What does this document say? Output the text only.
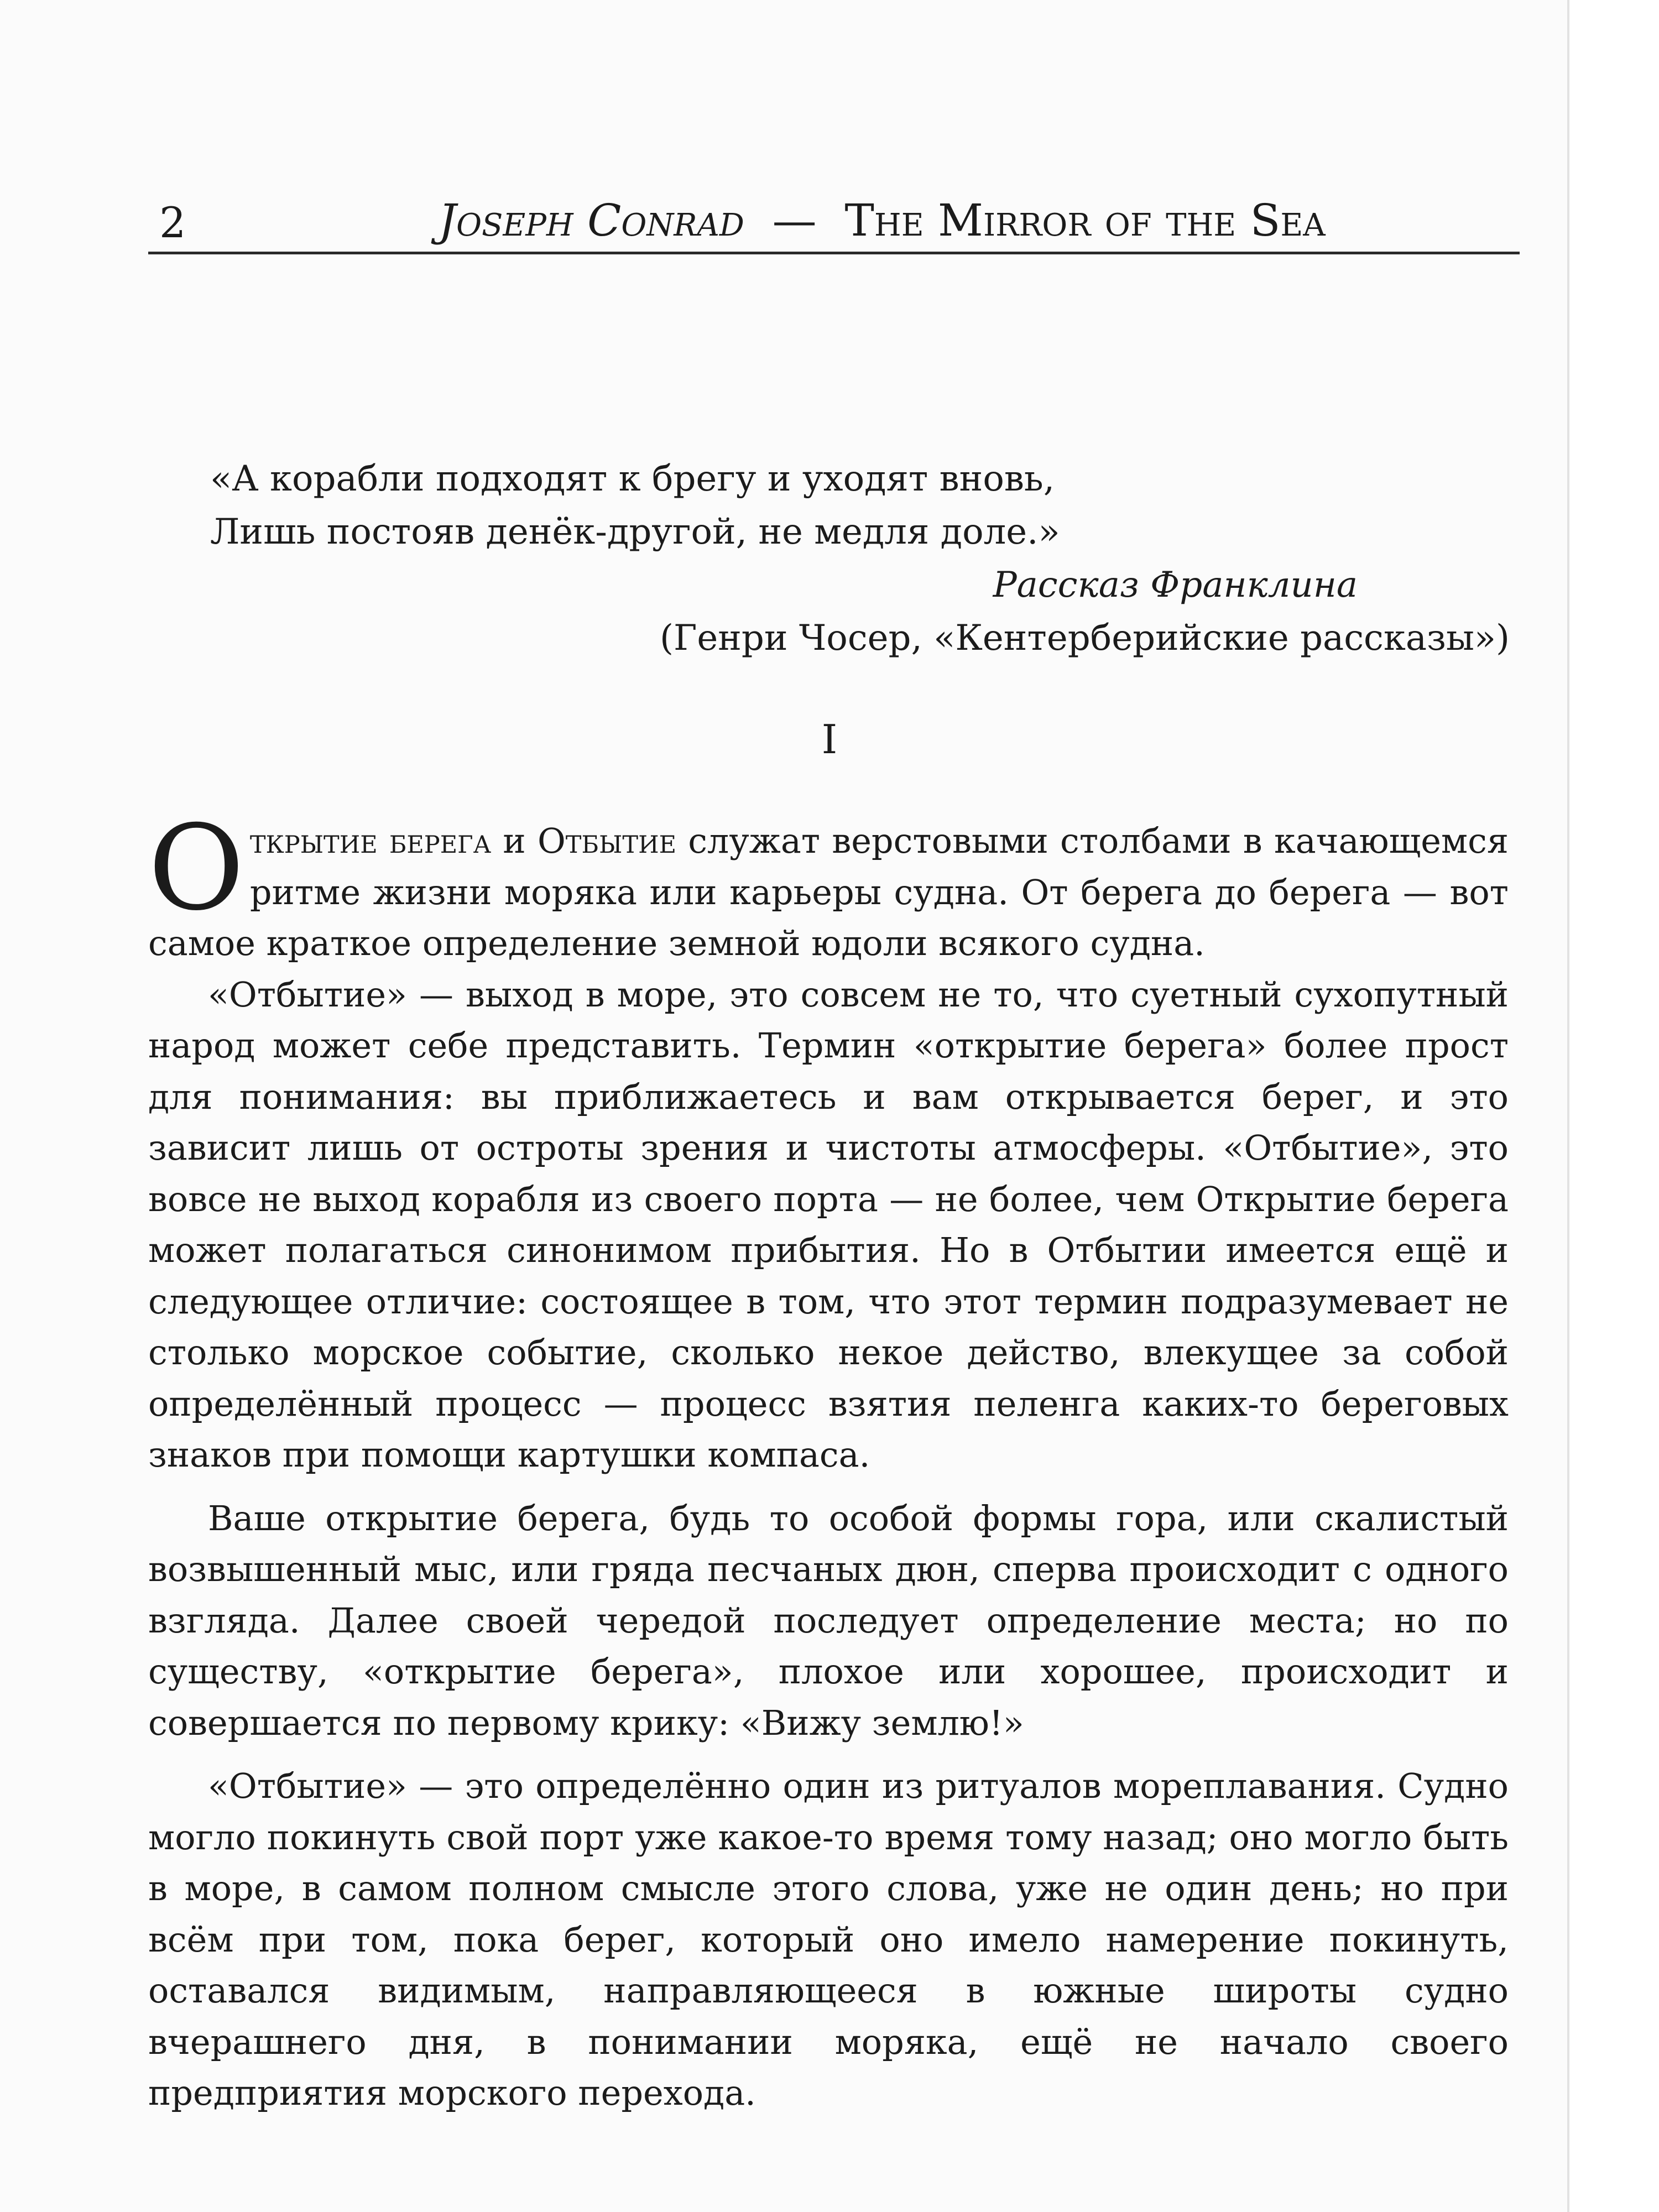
2	Joseph Conrad — The Mirror of the Sea
«А корабли подходят к брегу и уходят вновь,
Лишь постояв денёк-другой, не медля доле.»
Рассказ Франклина
(Генри Чосер, «Кентерберийские рассказы»)
I

Открытие берега и Отбытие служат верстовыми столбами в качающемся ритме жизни моряка или карьеры судна. От берега до берега — вот самое краткое определение земной юдоли всякого судна.

«Отбытие» — выход в море, это совсем не то, что суетный сухопутный народ может себе представить. Термин «открытие берега» более прост для понимания: вы приближаетесь и вам открывается берег, и это зависит лишь от остроты зрения и чистоты атмосферы. «Отбытие», это вовсе не выход корабля из своего порта — не более, чем Открытие берега может полагаться синонимом прибытия. Но в Отбытии имеется ещё и следующее отличие: состоящее в том, что этот термин подразумевает не столько морское событие, сколько некое действо, влекущее за собой определённый процесс — процесс взятия пеленга каких-то береговых знаков при помощи картушки компаса.

Ваше открытие берега, будь то особой формы гора, или скалистый возвышенный мыс, или гряда песчаных дюн, сперва происходит с одного взгляда. Далее своей чередой последует определение места; но по существу, «открытие берега», плохое или хорошее, происходит и совершается по первому крику: «Вижу землю!»

«Отбытие» — это определённо один из ритуалов мореплавания. Судно могло покинуть свой порт уже какое-то время тому назад; оно могло быть в море, в самом полном смысле этого слова, уже не один день; но при всём при том, пока берег, который оно имело намерение покинуть, оставался видимым, направляющееся в южные широты судно вчерашнего дня, в понимании моряка, ещё не начало своего предприятия морского перехода.
